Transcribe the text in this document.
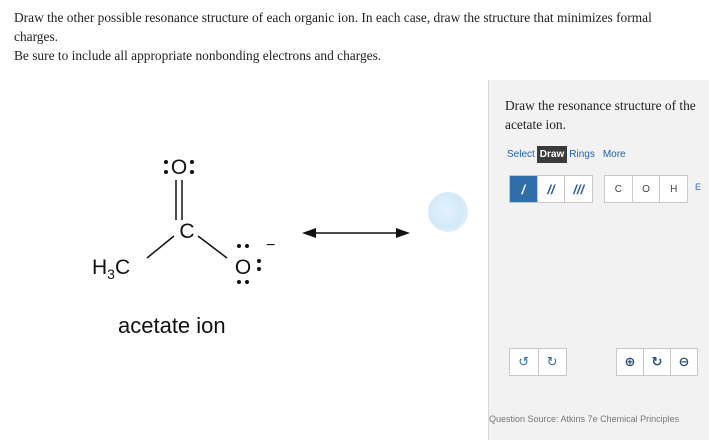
Draw the other possible resonance structure of each organic ion. In each case, draw the structure that minimizes formal charges.
Be sure to include all appropriate nonbonding electrons and charges.
O
C
$H_3C$	O
−
acetate ion
Draw the resonance structure of the acetate ion.
Select Draw Rings More
/	//	///	C	O	H	E
↺	↻	⊕	↻	⊖
Question Source: Atkins 7e Chemical Principles
